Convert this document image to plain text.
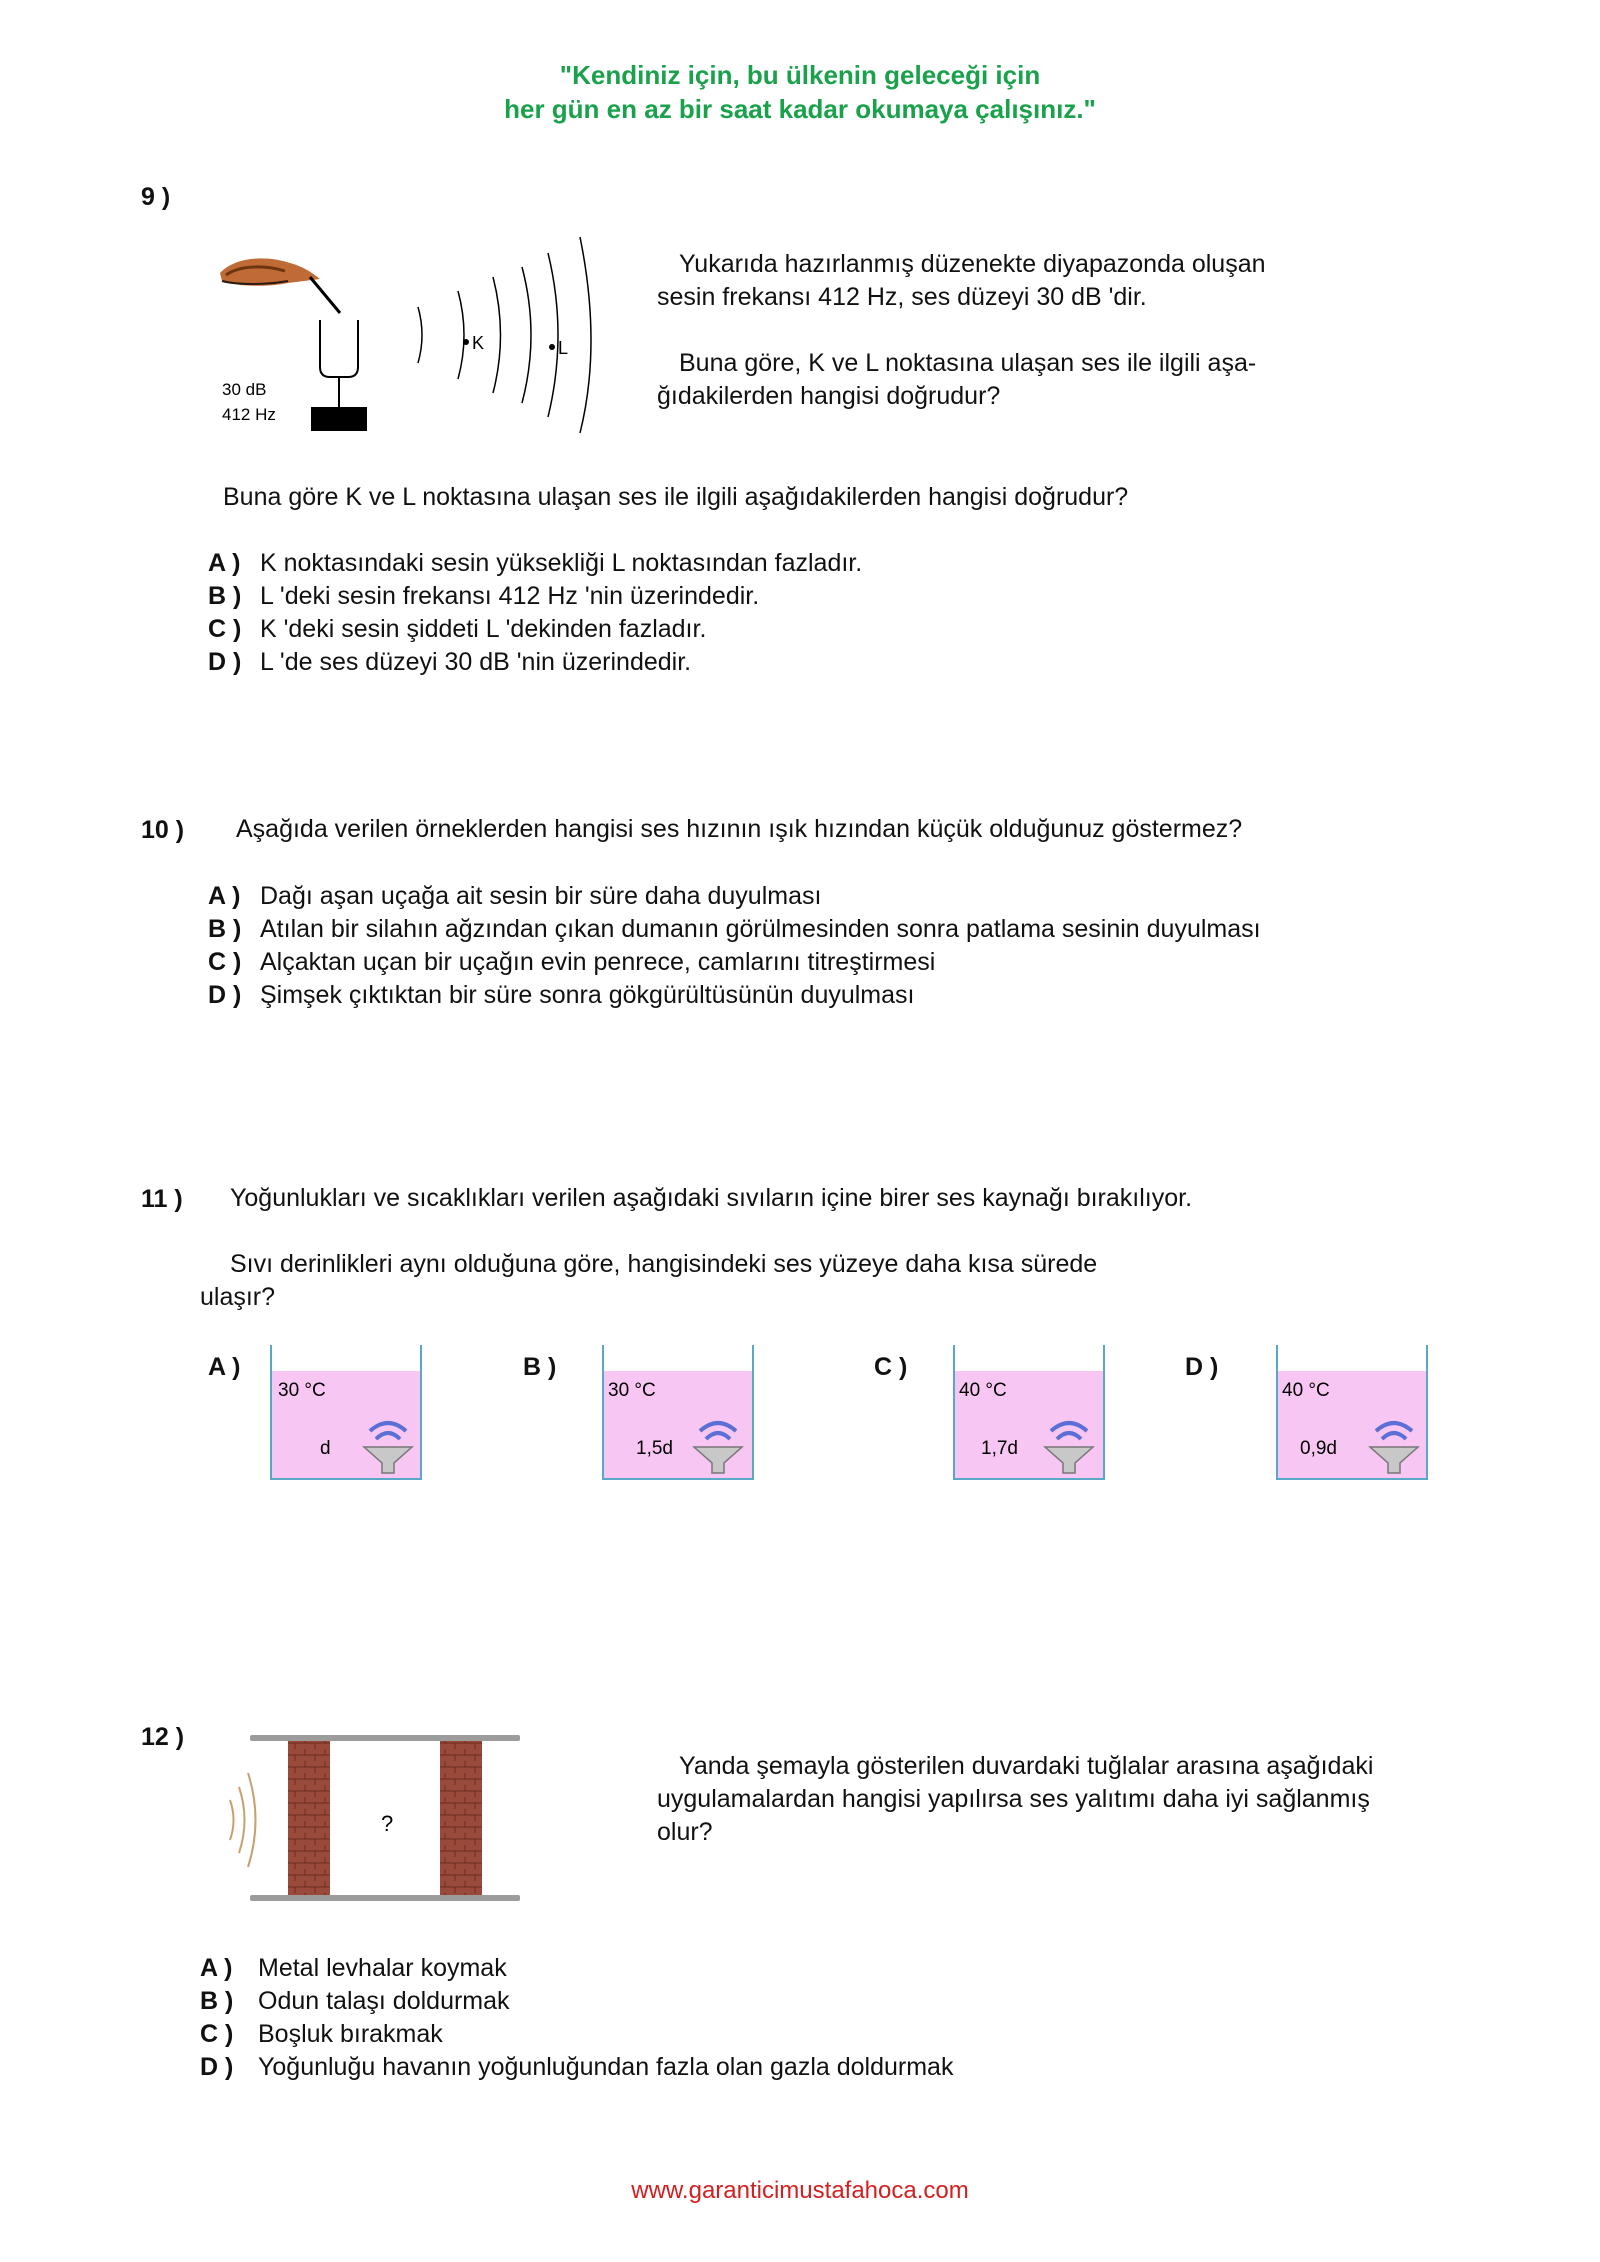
"Kendiniz için, bu ülkenin geleceği için
her gün en az bir saat kadar okumaya çalışınız."
9 )
30 dB
412 Hz
K	L
Yukarıda hazırlanmış düzenekte diyapazonda oluşan
sesin frekansı 412 Hz, ses düzeyi 30 dB 'dir.
Buna göre, K ve L noktasına ulaşan ses ile ilgili aşa-
ğıdakilerden hangisi doğrudur?
Buna göre K ve L noktasına ulaşan ses ile ilgili aşağıdakilerden hangisi doğrudur?
A ) K noktasındaki sesin yüksekliği L noktasından fazladır.
B ) L 'deki sesin frekansı 412 Hz 'nin üzerindedir.
C ) K 'deki sesin şiddeti L 'dekinden fazladır.
D ) L 'de ses düzeyi 30 dB 'nin üzerindedir.
10 ) Aşağıda verilen örneklerden hangisi ses hızının ışık hızından küçük olduğunuz göstermez?
A ) Dağı aşan uçağa ait sesin bir süre daha duyulması
B ) Atılan bir silahın ağzından çıkan dumanın görülmesinden sonra patlama sesinin duyulması
C ) Alçaktan uçan bir uçağın evin penrece, camlarını titreştirmesi
D ) Şimşek çıktıktan bir süre sonra gökgürültüsünün duyulması
11 ) Yoğunlukları ve sıcaklıkları verilen aşağıdaki sıvıların içine birer ses kaynağı bırakılıyor.
Sıvı derinlikleri aynı olduğuna göre, hangisindeki ses yüzeye daha kısa sürede
ulaşır?
A )
30 °C
d
B )
30 °C
1,5d
C )
40 °C
1,7d
D )
40 °C
0,9d
12 )
?
Yanda şemayla gösterilen duvardaki tuğlalar arasına aşağıdaki
uygulamalardan hangisi yapılırsa ses yalıtımı daha iyi sağlanmış
olur?
A ) Metal levhalar koymak
B ) Odun talaşı doldurmak
C ) Boşluk bırakmak
D ) Yoğunluğu havanın yoğunluğundan fazla olan gazla doldurmak
www.garanticimustafahoca.com
